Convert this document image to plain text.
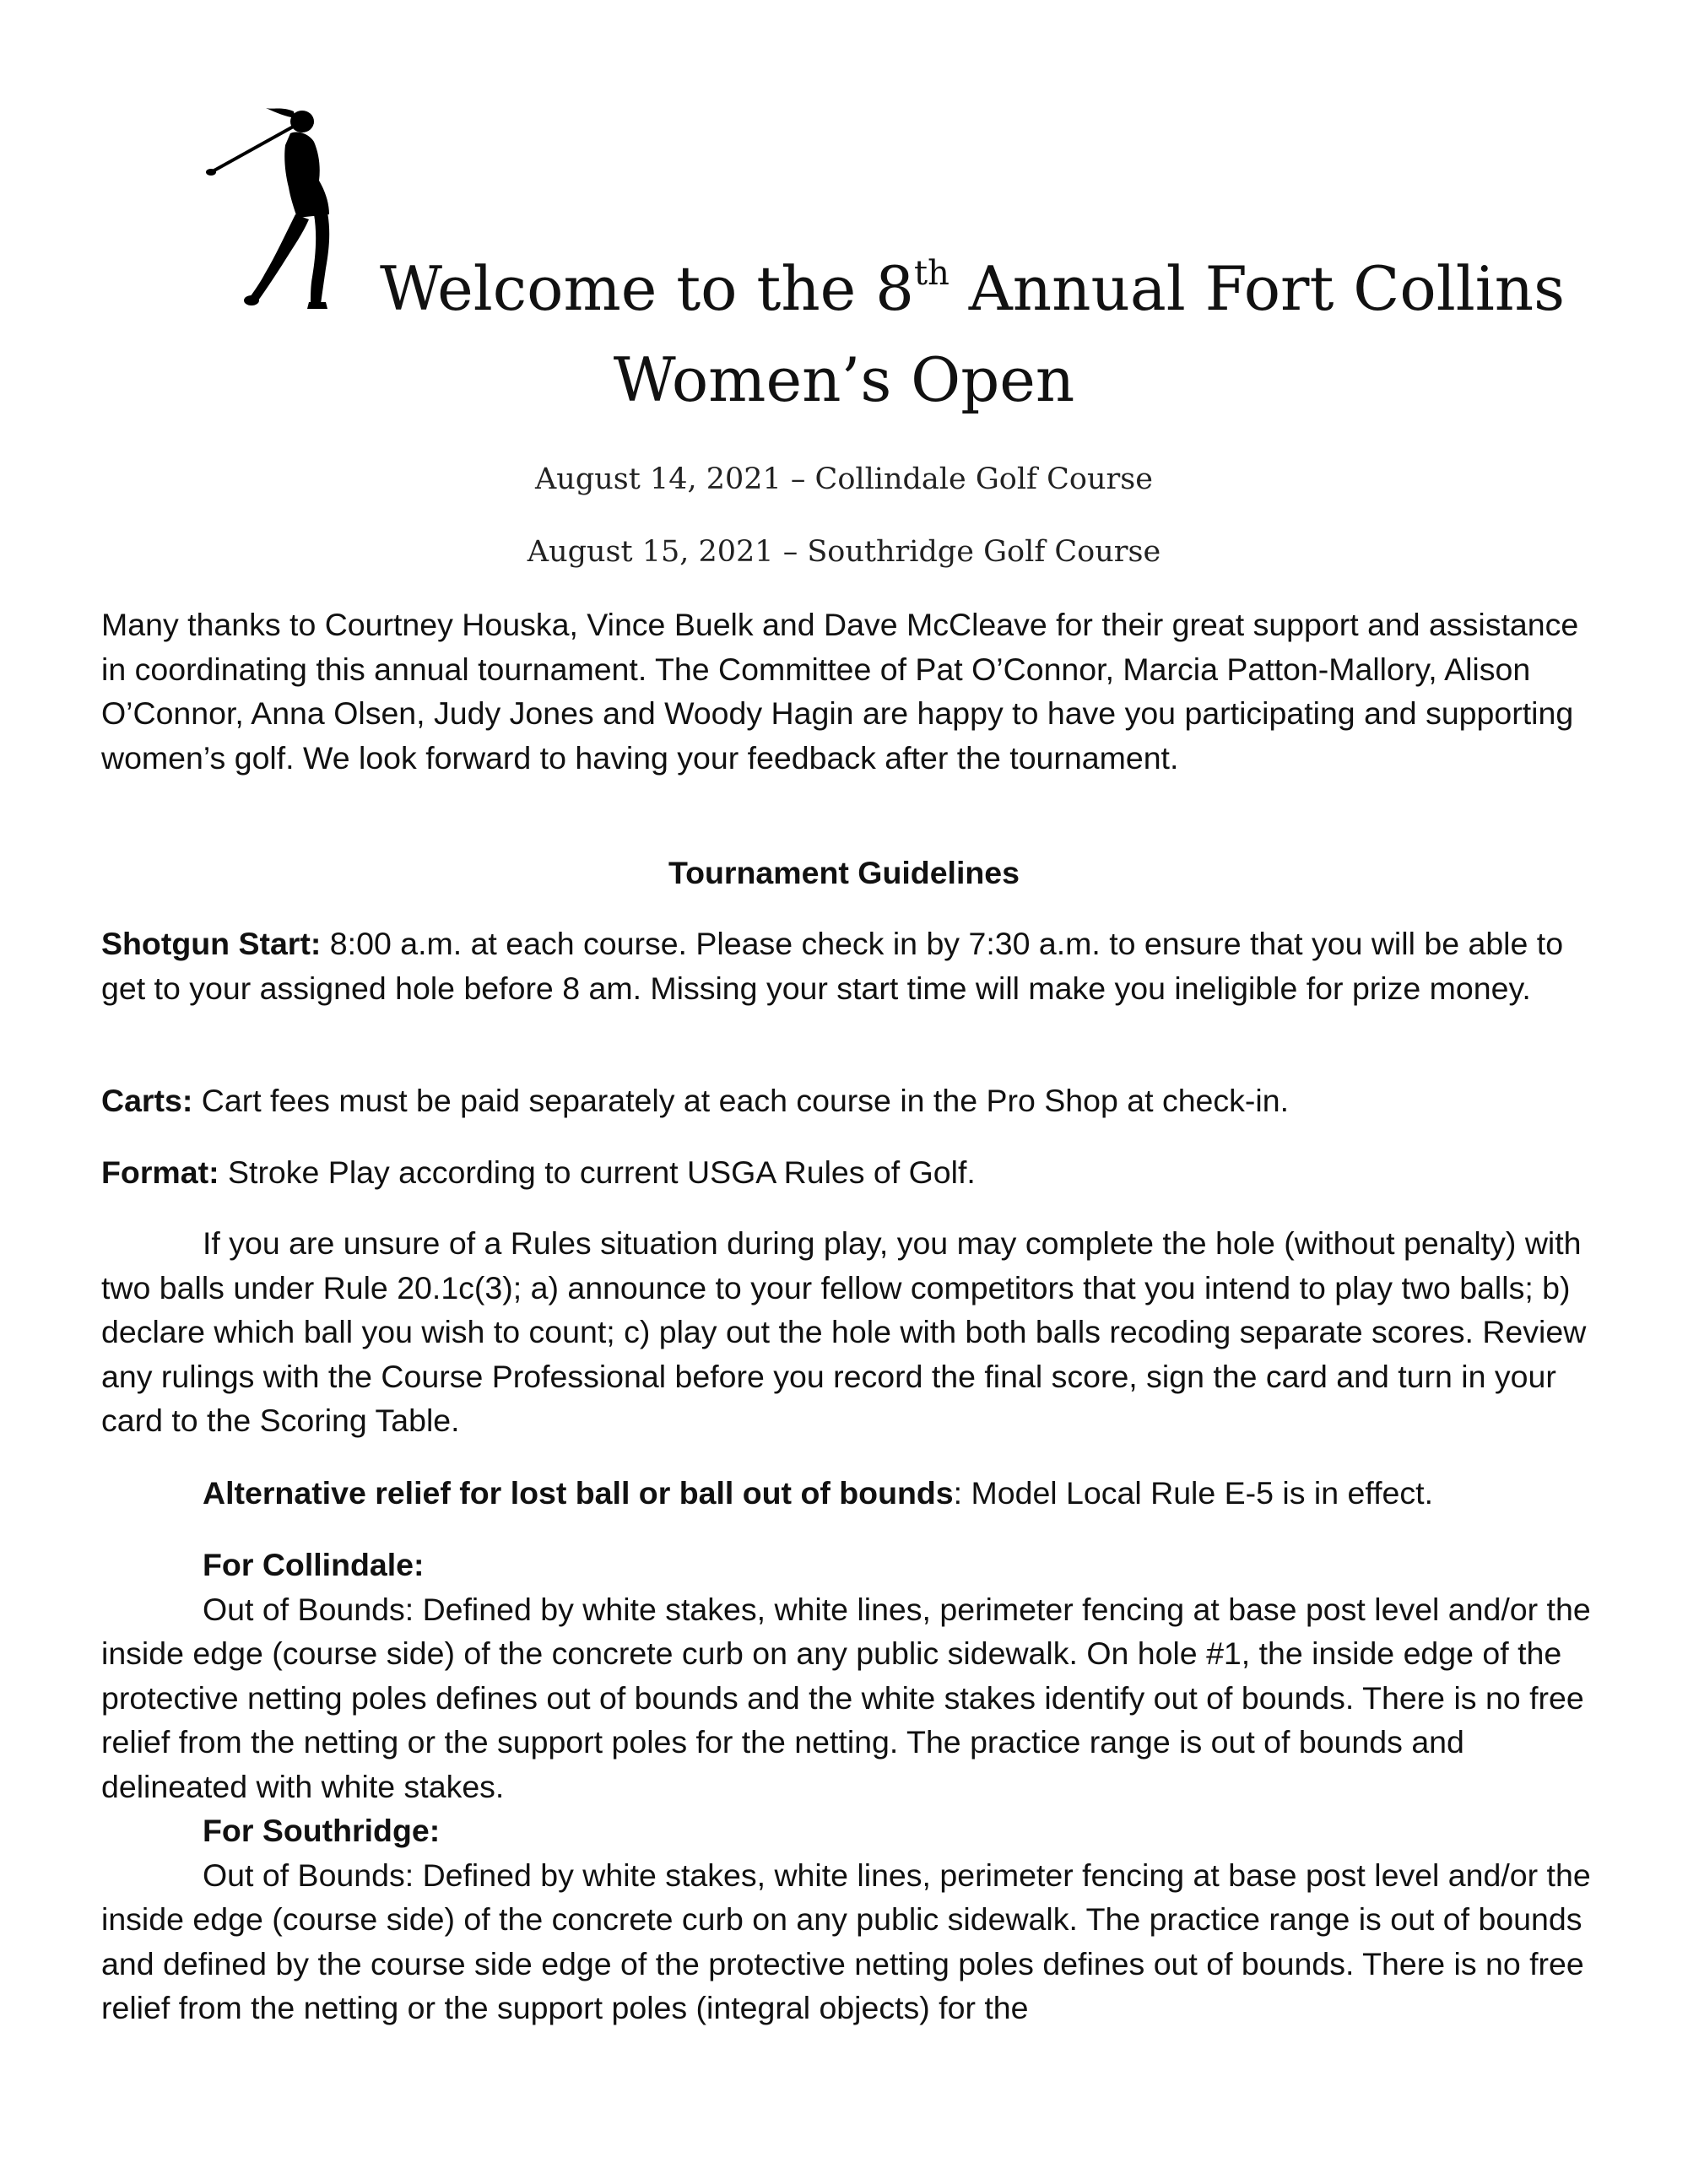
Welcome to the 8th Annual Fort Collins
Women’s Open
August 14, 2021 – Collindale Golf Course
August 15, 2021 – Southridge Golf Course

Many thanks to Courtney Houska, Vince Buelk and Dave McCleave for their great support and assistance in coordinating this annual tournament. The Committee of Pat O’Connor, Marcia Patton-Mallory, Alison O’Connor, Anna Olsen, Judy Jones and Woody Hagin are happy to have you participating and supporting women’s golf. We look forward to having your feedback after the tournament.

Tournament Guidelines

Shotgun Start: 8:00 a.m. at each course. Please check in by 7:30 a.m. to ensure that you will be able to get to your assigned hole before 8 am. Missing your start time will make you ineligible for prize money.

Carts: Cart fees must be paid separately at each course in the Pro Shop at check-in.

Format: Stroke Play according to current USGA Rules of Golf.

If you are unsure of a Rules situation during play, you may complete the hole (without penalty) with two balls under Rule 20.1c(3); a) announce to your fellow competitors that you intend to play two balls; b) declare which ball you wish to count; c) play out the hole with both balls recoding separate scores. Review any rulings with the Course Professional before you record the final score, sign the card and turn in your card to the Scoring Table.

Alternative relief for lost ball or ball out of bounds: Model Local Rule E-5 is in effect.

For Collindale:

Out of Bounds: Defined by white stakes, white lines, perimeter fencing at base post level and/or the inside edge (course side) of the concrete curb on any public sidewalk. On hole #1, the inside edge of the protective netting poles defines out of bounds and the white stakes identify out of bounds. There is no free relief from the netting or the support poles for the netting. The practice range is out of bounds and delineated with white stakes.

For Southridge:

Out of Bounds: Defined by white stakes, white lines, perimeter fencing at base post level and/or the inside edge (course side) of the concrete curb on any public sidewalk. The practice range is out of bounds and defined by the course side edge of the protective netting poles defines out of bounds. There is no free relief from the netting or the support poles (integral objects) for the
